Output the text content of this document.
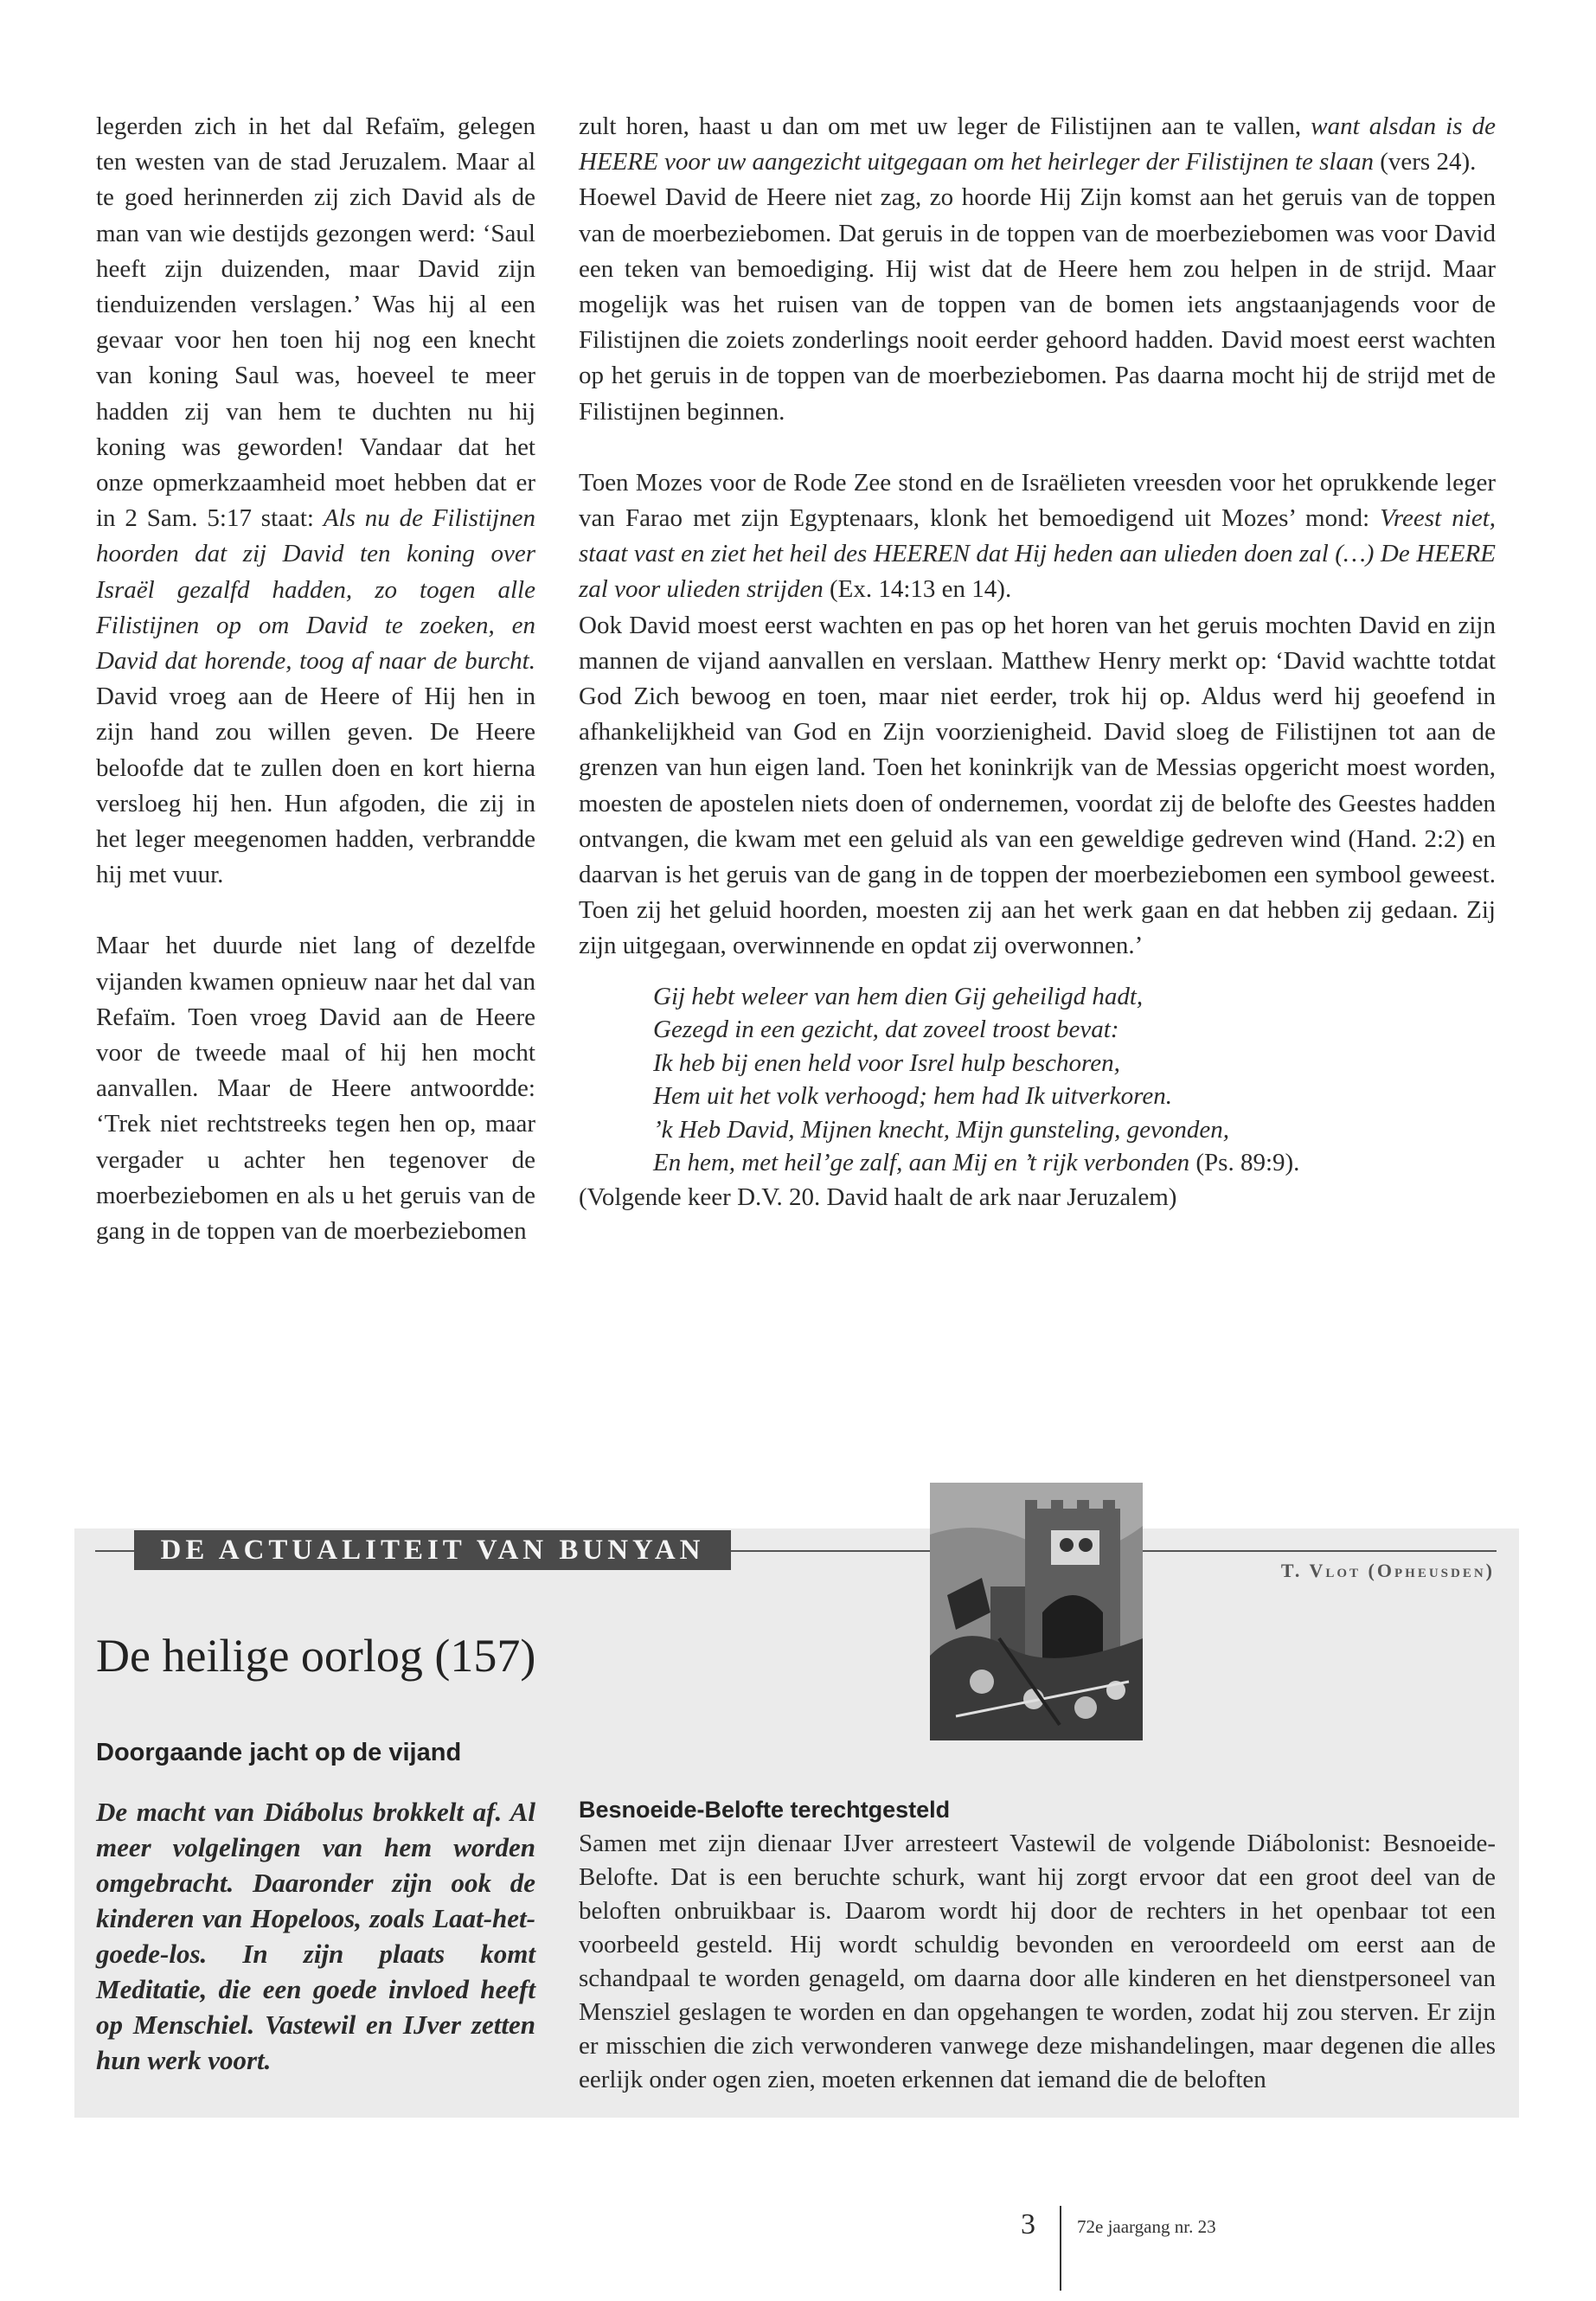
legerden zich in het dal Refaïm, gelegen ten westen van de stad Jeruzalem. Maar al te goed herinnerden zij zich David als de man van wie destijds gezongen werd: ‘Saul heeft zijn duizenden, maar David zijn tienduizenden verslagen.’ Was hij al een gevaar voor hen toen hij nog een knecht van koning Saul was, hoeveel te meer hadden zij van hem te duchten nu hij koning was geworden! Vandaar dat het onze opmerkzaamheid moet hebben dat er in 2 Sam. 5:17 staat: Als nu de Filistijnen hoorden dat zij David ten koning over Israël gezalfd hadden, zo togen alle Filistijnen op om David te zoeken, en David dat horende, toog af naar de burcht. David vroeg aan de Heere of Hij hen in zijn hand zou willen geven. De Heere beloofde dat te zullen doen en kort hierna versloeg hij hen. Hun afgoden, die zij in het leger meegenomen hadden, verbrandde hij met vuur.

Maar het duurde niet lang of dezelfde vijanden kwamen opnieuw naar het dal van Refaïm. Toen vroeg David aan de Heere voor de tweede maal of hij hen mocht aanvallen. Maar de Heere antwoordde: ‘Trek niet rechtstreeks tegen hen op, maar vergader u achter hen tegenover de moerbeziebomen en als u het geruis van de gang in de toppen van de moerbeziebomen

zult horen, haast u dan om met uw leger de Filistijnen aan te vallen, want alsdan is de HEERE voor uw aangezicht uitgegaan om het heirleger der Filistijnen te slaan (vers 24).

Hoewel David de Heere niet zag, zo hoorde Hij Zijn komst aan het geruis van de toppen van de moerbeziebomen. Dat geruis in de toppen van de moerbeziebomen was voor David een teken van bemoediging. Hij wist dat de Heere hem zou helpen in de strijd. Maar mogelijk was het ruisen van de toppen van de bomen iets angstaanjagends voor de Filistijnen die zoiets zonderlings nooit eerder gehoord hadden. David moest eerst wachten op het geruis in de toppen van de moerbeziebomen. Pas daarna mocht hij de strijd met de Filistijnen beginnen.

Toen Mozes voor de Rode Zee stond en de Israëlieten vreesden voor het oprukkende leger van Farao met zijn Egyptenaars, klonk het bemoedigend uit Mozes’ mond: Vreest niet, staat vast en ziet het heil des HEEREN dat Hij heden aan ulieden doen zal (…) De HEERE zal voor ulieden strijden (Ex. 14:13 en 14).

Ook David moest eerst wachten en pas op het horen van het geruis mochten David en zijn mannen de vijand aanvallen en verslaan. Matthew Henry merkt op: ‘David wachtte totdat God Zich bewoog en toen, maar niet eerder, trok hij op. Aldus werd hij geoefend in afhankelijkheid van God en Zijn voorzienigheid. David sloeg de Filistijnen tot aan de grenzen van hun eigen land. Toen het koninkrijk van de Messias opgericht moest worden, moesten de apostelen niets doen of ondernemen, voordat zij de belofte des Geestes hadden ontvangen, die kwam met een geluid als van een geweldige gedreven wind (Hand. 2:2) en daarvan is het geruis van de gang in de toppen der moerbeziebomen een symbool geweest. Toen zij het geluid hoorden, moesten zij aan het werk gaan en dat hebben zij gedaan. Zij zijn uitgegaan, overwinnende en opdat zij overwonnen.’

Gij hebt weleer van hem dien Gij geheiligd hadt,
Gezegd in een gezicht, dat zoveel troost bevat:
Ik heb bij enen held voor Isrel hulp beschoren,
Hem uit het volk verhoogd; hem had Ik uitverkoren.
’k Heb David, Mijnen knecht, Mijn gunsteling, gevonden,
En hem, met heil’ge zalf, aan Mij en ’t rijk verbonden (Ps. 89:9).

(Volgende keer D.V. 20. David haalt de ark naar Jeruzalem)

DE ACTUALITEIT VAN BUNYAN
T. Vlot (Opheusden)
De heilige oorlog (157)
Doorgaande jacht op de vijand
De macht van Diábolus brokkelt af. Al meer volgelingen van hem worden omgebracht. Daaronder zijn ook de kinderen van Hopeloos, zoals Laat-het-goede-los. In zijn plaats komt Meditatie, die een goede invloed heeft op Menschiel. Vastewil en IJver zetten hun werk voort.
Besnoeide-Belofte terechtgesteld
Samen met zijn dienaar IJver arresteert Vastewil de volgende Diábolonist: Besnoeide-Belofte. Dat is een beruchte schurk, want hij zorgt ervoor dat een groot deel van de beloften onbruikbaar is. Daarom wordt hij door de rechters in het openbaar tot een voorbeeld gesteld. Hij wordt schuldig bevonden en veroordeeld om eerst aan de schandpaal te worden genageld, om daarna door alle kinderen en het dienstpersoneel van Mensziel geslagen te worden en dan opgehangen te worden, zodat hij zou sterven. Er zijn er misschien die zich verwonderen vanwege deze mishandelingen, maar degenen die alles eerlijk onder ogen zien, moeten erkennen dat iemand die de beloften
3 72e jaargang nr. 23
